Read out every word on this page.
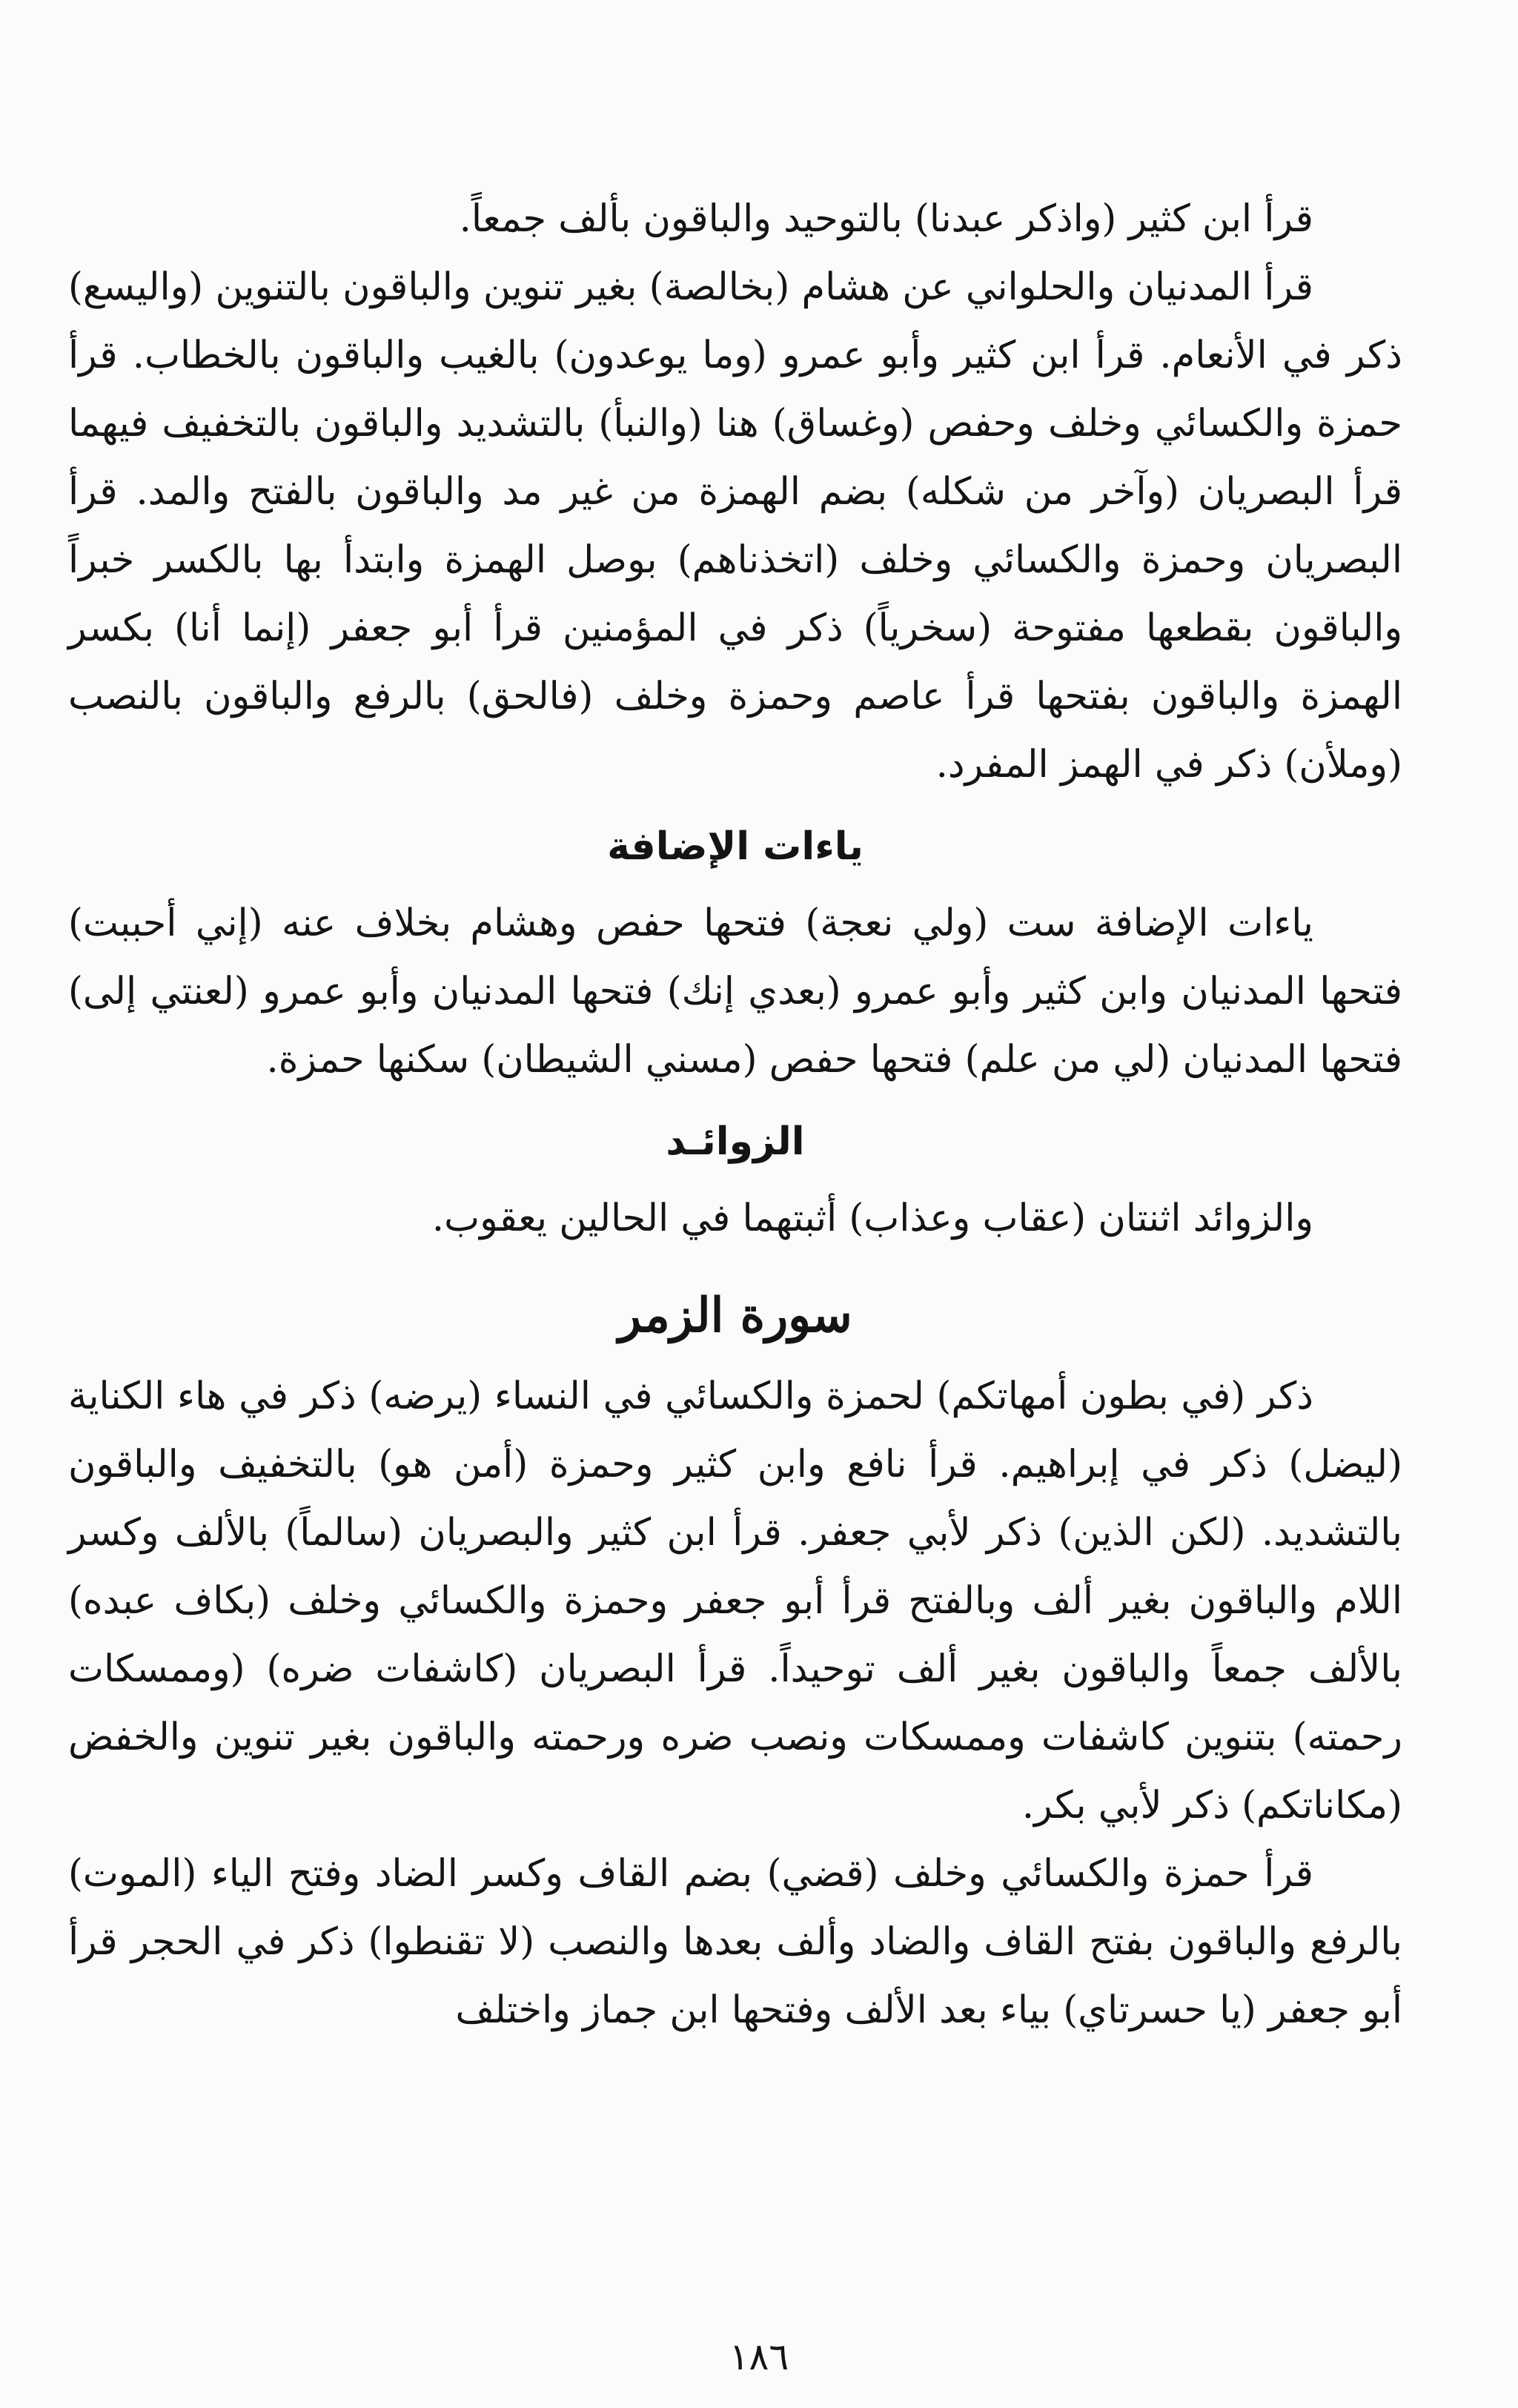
قرأ ابن كثير (واذكر عبدنا) بالتوحيد والباقون بألف جمعاً.

قرأ المدنيان والحلواني عن هشام (بخالصة) بغير تنوين والباقون بالتنوين (واليسع) ذكر في الأنعام. قرأ ابن كثير وأبو عمرو (وما يوعدون) بالغيب والباقون بالخطاب. قرأ حمزة والكسائي وخلف وحفص (وغساق) هنا (والنبأ) بالتشديد والباقون بالتخفيف فيهما قرأ البصريان (وآخر من شكله) بضم الهمزة من غير مد والباقون بالفتح والمد. قرأ البصريان وحمزة والكسائي وخلف (اتخذناهم) بوصل الهمزة وابتدأ بها بالكسر خبراً والباقون بقطعها مفتوحة (سخرياً) ذكر في المؤمنين قرأ أبو جعفر (إنما أنا) بكسر الهمزة والباقون بفتحها قرأ عاصم وحمزة وخلف (فالحق) بالرفع والباقون بالنصب (وملأن) ذكر في الهمز المفرد.

ياءات الإضافة

ياءات الإضافة ست (ولي نعجة) فتحها حفص وهشام بخلاف عنه (إني أحببت) فتحها المدنيان وابن كثير وأبو عمرو (بعدي إنك) فتحها المدنيان وأبو عمرو (لعنتي إلى) فتحها المدنيان (لي من علم) فتحها حفص (مسني الشيطان) سكنها حمزة.

الزوائـد

والزوائد اثنتان (عقاب وعذاب) أثبتهما في الحالين يعقوب.

سورة الزمر

ذكر (في بطون أمهاتكم) لحمزة والكسائي في النساء (يرضه) ذكر في هاء الكناية (ليضل) ذكر في إبراهيم. قرأ نافع وابن كثير وحمزة (أمن هو) بالتخفيف والباقون بالتشديد. (لكن الذين) ذكر لأبي جعفر. قرأ ابن كثير والبصريان (سالماً) بالألف وكسر اللام والباقون بغير ألف وبالفتح قرأ أبو جعفر وحمزة والكسائي وخلف (بكاف عبده) بالألف جمعاً والباقون بغير ألف توحيداً. قرأ البصريان (كاشفات ضره) (وممسكات رحمته) بتنوين كاشفات وممسكات ونصب ضره ورحمته والباقون بغير تنوين والخفض (مكاناتكم) ذكر لأبي بكر.

قرأ حمزة والكسائي وخلف (قضي) بضم القاف وكسر الضاد وفتح الياء (الموت) بالرفع والباقون بفتح القاف والضاد وألف بعدها والنصب (لا تقنطوا) ذكر في الحجر قرأ أبو جعفر (يا حسرتاي) بياء بعد الألف وفتحها ابن جماز واختلف

١٨٦
